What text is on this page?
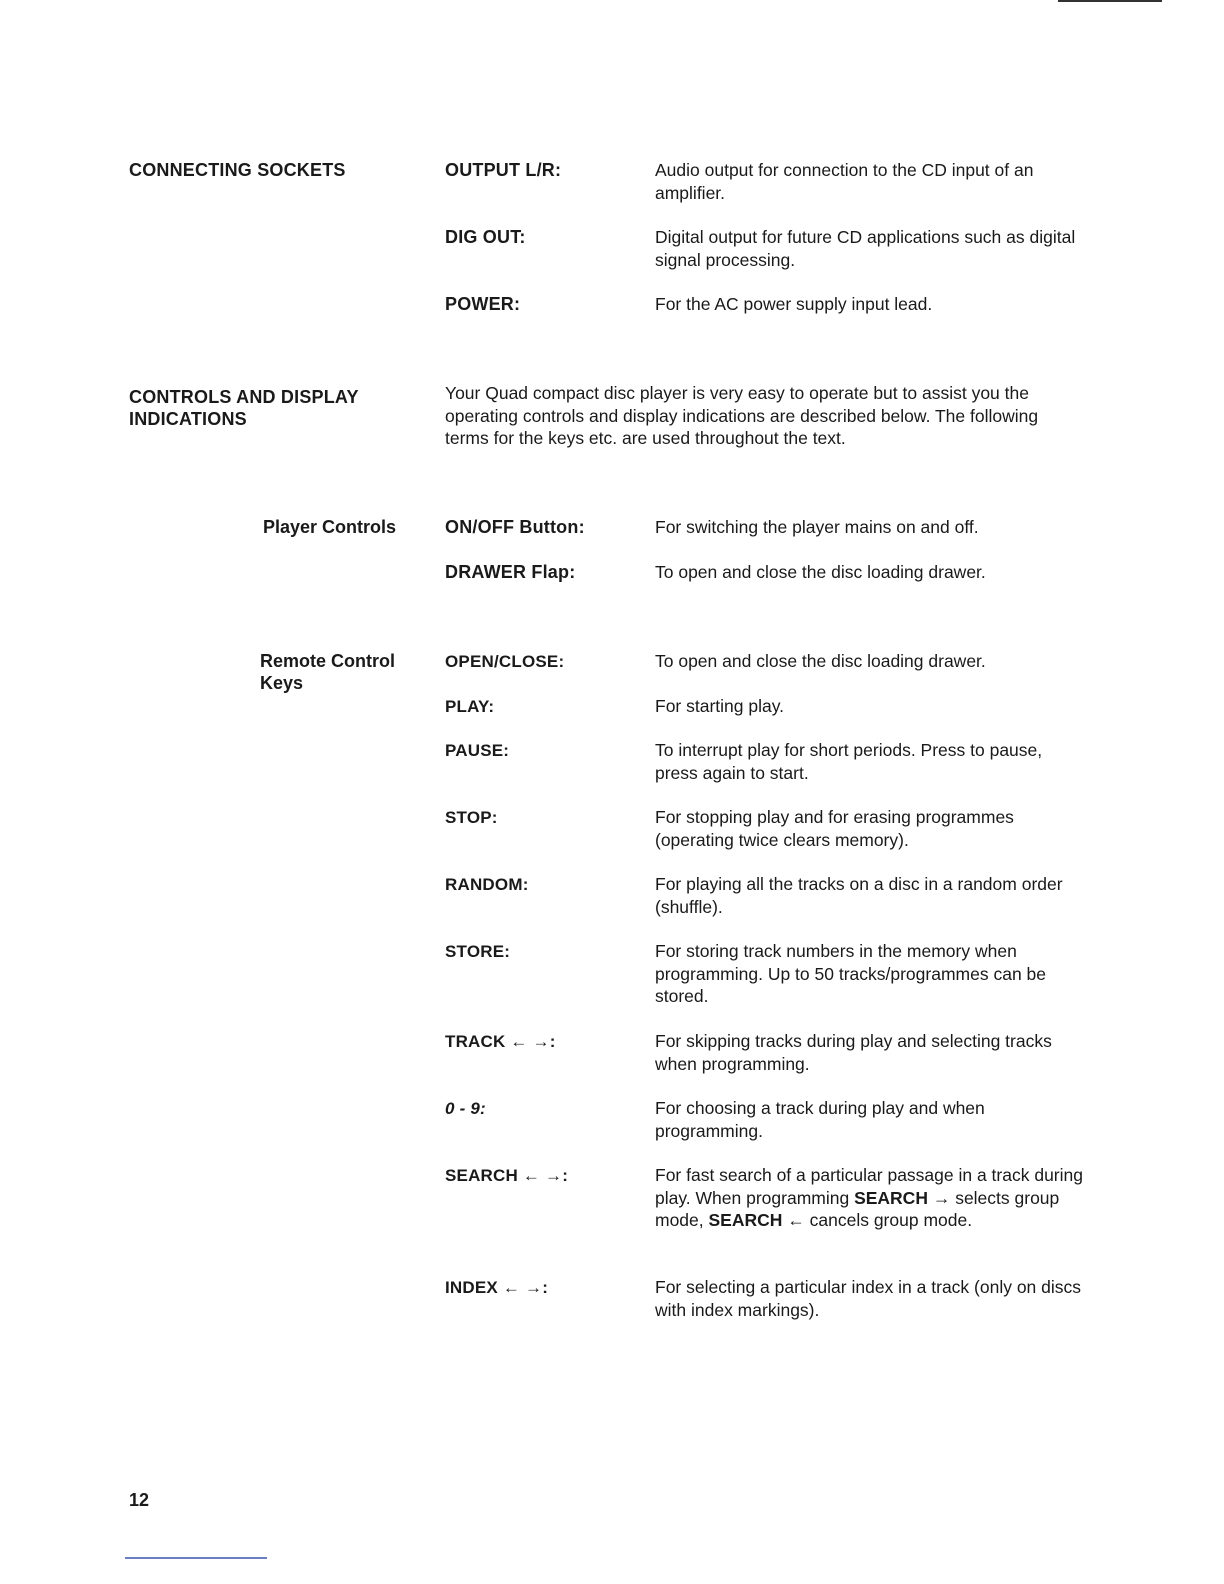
CONNECTING SOCKETS	OUTPUT L/R:	Audio output for connection to the CD input of an amplifier.
DIG OUT:	Digital output for future CD applications such as digital signal processing.
POWER:	For the AC power supply input lead.
CONTROLS AND DISPLAY
INDICATIONS
Your Quad compact disc player is very easy to operate but to assist you the operating controls and display indications are described below. The following terms for the keys etc. are used throughout the text.
Player Controls	ON/OFF Button:	For switching the player mains on and off.
DRAWER Flap:	To open and close the disc loading drawer.
Remote Control
Keys
OPEN/CLOSE:	To open and close the disc loading drawer.
PLAY:	For starting play.
PAUSE:	To interrupt play for short periods. Press to pause, press again to start.
STOP:	For stopping play and for erasing programmes (operating twice clears memory).
RANDOM:	For playing all the tracks on a disc in a random order (shuffle).
STORE:	For storing track numbers in the memory when programming. Up to 50 tracks/programmes can be stored.
TRACK ← →:	For skipping tracks during play and selecting tracks when programming.
0 - 9:	For choosing a track during play and when programming.
SEARCH ← →:	For fast search of a particular passage in a track during play. When programming SEARCH → selects group mode, SEARCH ← cancels group mode.
INDEX ← →:	For selecting a particular index in a track (only on discs with index markings).
12
